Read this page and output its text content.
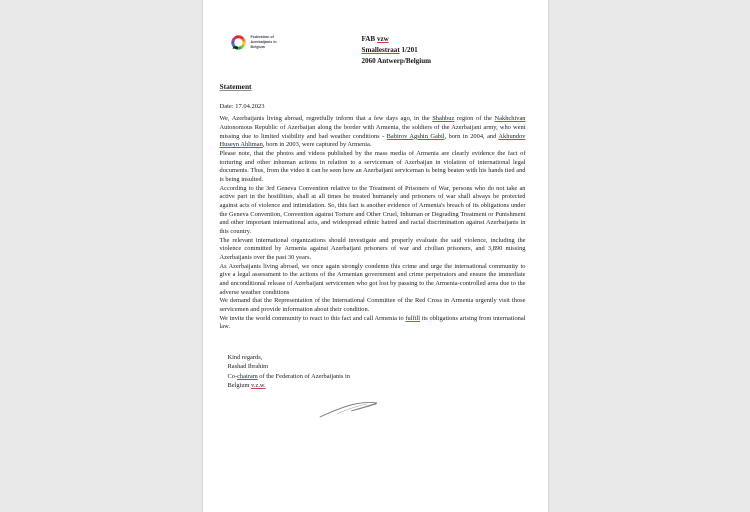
Federation of
Azerbaijanis in
Belgium
FAB vzw
Smallestraat 1/201
2060 Antwerp/Belgium
Statement
Date: 17.04.2023

We, Azerbaijanis living abroad, regretfully inform that a few days ago, in the Shahbuz region of the Nakhchivan Autonomous Republic of Azerbaijan along the border with Armenia, the soldiers of the Azerbaijani army, who went missing due to limited visibility and bad weather conditions - Babirov Agshin Gabil, born in 2004, and Akhundov Huseyn Ahliman, born in 2003, were captured by Armenia.

Please note, that the photos and videos published by the mass media of Armenia are clearly evidence the fact of torturing and other inhuman actions in relation to a serviceman of Azerbaijan in violation of international legal documents. Thus, from the video it can be seen how an Azerbaijani serviceman is being beaten with his hands tied and is being insulted.

According to the 3rd Geneva Convention relative to the Treatment of Prisoners of War, persons who do not take an active part in the hostilities, shall at all times be treated humanely and prisoners of war shall always be protected against acts of violence and intimidation. So, this fact is another evidence of Armenia's breach of its obligations under the Geneva Convention, Convention against Torture and Other Cruel, Inhuman or Degrading Treatment or Punishment and other important international acts, and widespread ethnic hatred and racial discrimination against Azerbaijanis in this country.

The relevant international organizations should investigate and properly evaluate the said violence, including the violence committed by Armenia against Azerbaijani prisoners of war and civilian prisoners, and 3,890 missing Azerbaijanis over the past 30 years.

As Azerbaijanis living abroad, we once again strongly condemn this crime and urge the international community to give a legal assessment to the actions of the Armenian government and crime perpetrators and ensure the immediate and unconditional release of Azerbaijani servicemen who got lost by passing to the Armenia-controlled area due to the adverse weather conditions

We demand that the Representation of the International Committee of the Red Cross in Armenia urgently visit those servicemen and provide information about their condition.

We invite the world community to react to this fact and call Armenia to fulfill its obligations arising from international law.

Kind regards,
Rashad Ibrahim
Co-chairam of the Federation of Azerbaijanis in
Belgium v.z.w.
